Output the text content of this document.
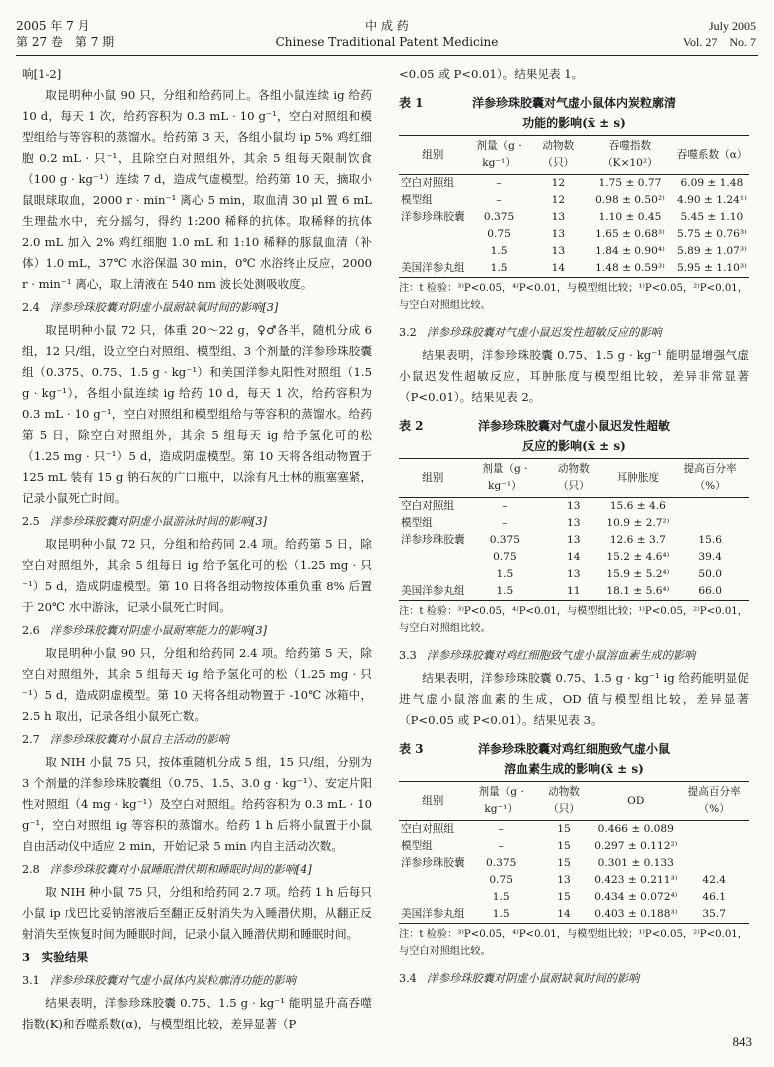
2005 年 7 月
第 27 卷　第 7 期
中 成 药
Chinese Traditional Patent Medicine
July 2005
Vol. 27　No. 7

响[1-2]

取昆明种小鼠 90 只，分组和给药同上。各组小鼠连续 ig 给药 10 d，每天 1 次，给药容积为 0.3 mL · 10 g⁻¹，空白对照组和模型组给与等容积的蒸馏水。给药第 3 天，各组小鼠均 ip 5% 鸡红细胞 0.2 mL · 只⁻¹，且除空白对照组外，其余 5 组每天限制饮食（100 g · kg⁻¹）连续 7 d，造成气虚模型。给药第 10 天，摘取小鼠眼球取血，2000 r · min⁻¹ 离心 5 min，取血清 30 μl 置 6 mL 生理盐水中，充分摇匀，得约 1:200 稀释的抗体。取稀释的抗体 2.0 mL 加入 2% 鸡红细胞 1.0 mL 和 1:10 稀释的豚鼠血清（补体）1.0 mL，37℃ 水浴保温 30 min，0℃ 水浴终止反应，2000 r · min⁻¹ 离心，取上清液在 540 nm 波长处测吸收度。

2.4 洋参珍珠胶囊对阴虚小鼠耐缺氧时间的影响[3]

取昆明种小鼠 72 只，体重 20～22 g，♀♂各半，随机分成 6 组，12 只/组，设立空白对照组、模型组、3 个剂量的洋参珍珠胶囊组（0.375、0.75、1.5 g · kg⁻¹）和美国洋参丸阳性对照组（1.5 g · kg⁻¹），各组小鼠连续 ig 给药 10 d，每天 1 次，给药容积为 0.3 mL · 10 g⁻¹，空白对照组和模型组给与等容积的蒸馏水。给药第 5 日，除空白对照组外，其余 5 组每天 ig 给予氢化可的松（1.25 mg · 只⁻¹）5 d，造成阴虚模型。第 10 天将各组动物置于 125 mL 装有 15 g 钠石灰的广口瓶中，以涂有凡士林的瓶塞塞紧，记录小鼠死亡时间。

2.5 洋参珍珠胶囊对阴虚小鼠游泳时间的影响[3]

取昆明种小鼠 72 只，分组和给药同 2.4 项。给药第 5 日，除空白对照组外，其余 5 组每日 ig 给予氢化可的松（1.25 mg · 只⁻¹）5 d，造成阴虚模型。第 10 日将各组动物按体重负重 8% 后置于 20℃ 水中游泳，记录小鼠死亡时间。

2.6 洋参珍珠胶囊对阴虚小鼠耐寒能力的影响[3]

取昆明种小鼠 90 只，分组和给药同 2.4 项。给药第 5 天，除空白对照组外，其余 5 组每天 ig 给予氢化可的松（1.25 mg · 只⁻¹）5 d，造成阴虚模型。第 10 天将各组动物置于 -10℃ 冰箱中，2.5 h 取出，记录各组小鼠死亡数。

2.7 洋参珍珠胶囊对小鼠自主活动的影响

取 NIH 小鼠 75 只，按体重随机分成 5 组，15 只/组，分别为 3 个剂量的洋参珍珠胶囊组（0.75、1.5、3.0 g · kg⁻¹）、安定片阳性对照组（4 mg · kg⁻¹）及空白对照组。给药容积为 0.3 mL · 10 g⁻¹，空白对照组 ig 等容积的蒸馏水。给药 1 h 后将小鼠置于小鼠自由活动仪中适应 2 min，开始记录 5 min 内自主活动次数。

2.8 洋参珍珠胶囊对小鼠睡眠潜伏期和睡眠时间的影响[4]

取 NIH 种小鼠 75 只，分组和给药同 2.7 项。给药 1 h 后每只小鼠 ip 戊巴比妥钠溶液后至翻正反射消失为入睡潜伏期，从翻正反射消失至恢复时间为睡眠时间，记录小鼠入睡潜伏期和睡眠时间。

3　实验结果
3.1 洋参珍珠胶囊对气虚小鼠体内炭粒廓清功能的影响

结果表明，洋参珍珠胶囊 0.75、1.5 g · kg⁻¹ 能明显升高吞噬指数(K)和吞噬系数(α)，与模型组比较，差异显著（P

<0.05 或 P<0.01）。结果见表 1。

表 1	洋参珍珠胶囊对气虚小鼠体内炭粒廓清
功能的影响(x̄ ± s)
组别	剂量（g · kg⁻¹）	动物数（只）	吞噬指数（K×10²）	吞噬系数（α）
空白对照组	–	12	1.75 ± 0.77	6.09 ± 1.48
模型组	–	12	0.98 ± 0.50²⁾	4.90 ± 1.24¹⁾
洋参珍珠胶囊	0.375	13	1.10 ± 0.45	5.45 ± 1.10
	0.75	13	1.65 ± 0.68³⁾	5.75 ± 0.76³⁾
	1.5	13	1.84 ± 0.90⁴⁾	5.89 ± 1.07³⁾
美国洋参丸组	1.5	14	1.48 ± 0.59³⁾	5.95 ± 1.10³⁾
注：t 检验：³⁾P<0.05，⁴⁾P<0.01，与模型组比较；¹⁾P<0.05，²⁾P<0.01，与空白对照组比较。
3.2 洋参珍珠胶囊对气虚小鼠迟发性超敏反应的影响

结果表明，洋参珍珠胶囊 0.75、1.5 g · kg⁻¹ 能明显增强气虚小鼠迟发性超敏反应，耳肿胀度与模型组比较，差异非常显著（P<0.01）。结果见表 2。

表 2	洋参珍珠胶囊对气虚小鼠迟发性超敏
反应的影响(x̄ ± s)
组别	剂量（g · kg⁻¹）	动物数（只）	耳肿胀度	提高百分率（%）
空白对照组	–	13	15.6 ± 4.6	
模型组	–	13	10.9 ± 2.7²⁾	
洋参珍珠胶囊	0.375	13	12.6 ± 3.7	15.6
	0.75	14	15.2 ± 4.6⁴⁾	39.4
	1.5	13	15.9 ± 5.2⁴⁾	50.0
美国洋参丸组	1.5	11	18.1 ± 5.6⁴⁾	66.0
注：t 检验：³⁾P<0.05，⁴⁾P<0.01，与模型组比较；¹⁾P<0.05，²⁾P<0.01，与空白对照组比较。
3.3 洋参珍珠胶囊对鸡红细胞致气虚小鼠溶血素生成的影响

结果表明，洋参珍珠胶囊 0.75、1.5 g · kg⁻¹ ig 给药能明显促进气虚小鼠溶血素的生成，OD 值与模型组比较，差异显著（P<0.05 或 P<0.01）。结果见表 3。

表 3	洋参珍珠胶囊对鸡红细胞致气虚小鼠
溶血素生成的影响(x̄ ± s)
组别	剂量（g · kg⁻¹）	动物数（只）	OD	提高百分率（%）
空白对照组	–	15	0.466 ± 0.089	
模型组	–	15	0.297 ± 0.112²⁾	
洋参珍珠胶囊	0.375	15	0.301 ± 0.133	
	0.75	13	0.423 ± 0.211³⁾	42.4
	1.5	15	0.434 ± 0.072⁴⁾	46.1
美国洋参丸组	1.5	14	0.403 ± 0.188³⁾	35.7
注：t 检验：³⁾P<0.05，⁴⁾P<0.01，与模型组比较；¹⁾P<0.05，²⁾P<0.01，与空白对照组比较。
3.4 洋参珍珠胶囊对阴虚小鼠耐缺氧时间的影响
843
